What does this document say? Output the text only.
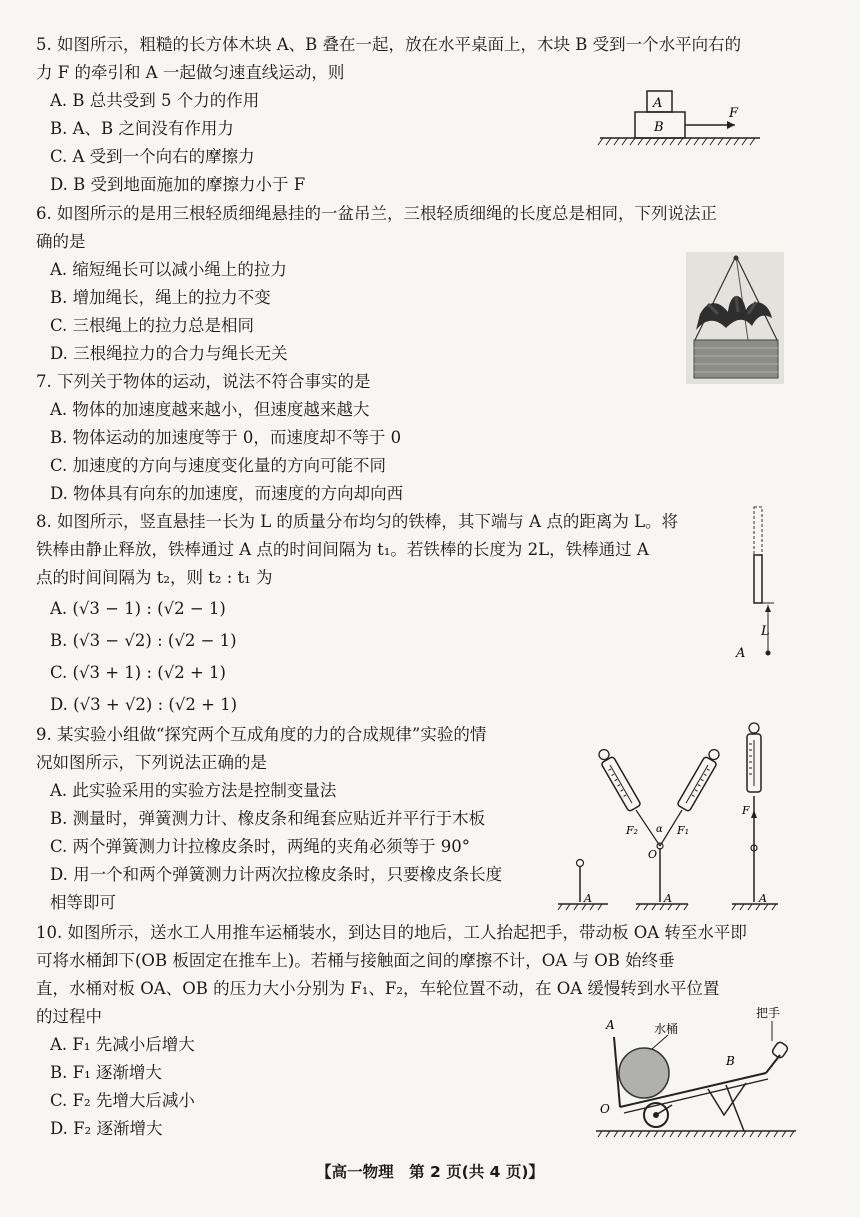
5. 如图所示，粗糙的长方体木块 A、B 叠在一起，放在水平桌面上，木块 B 受到一个水平向右的
力 F 的牵引和 A 一起做匀速直线运动，则
A. B 总共受到 5 个力的作用
B. A、B 之间没有作用力
C. A 受到一个向右的摩擦力
D. B 受到地面施加的摩擦力小于 F
A
B
F
6. 如图所示的是用三根轻质细绳悬挂的一盆吊兰，三根轻质细绳的长度总是相同，下列说法正
确的是
A. 缩短绳长可以减小绳上的拉力
B. 增加绳长，绳上的拉力不变
C. 三根绳上的拉力总是相同
D. 三根绳拉力的合力与绳长无关
7. 下列关于物体的运动，说法不符合事实的是
A. 物体的加速度越来越小，但速度越来越大
B. 物体运动的加速度等于 0，而速度却不等于 0
C. 加速度的方向与速度变化量的方向可能不同
D. 物体具有向东的加速度，而速度的方向却向西
8. 如图所示，竖直悬挂一长为 L 的质量分布均匀的铁棒，其下端与 A 点的距离为 L。将
铁棒由静止释放，铁棒通过 A 点的时间间隔为 t₁。若铁棒的长度为 2L，铁棒通过 A
点的时间间隔为 t₂，则 t₂ : t₁ 为
A. (√3 − 1) : (√2 − 1)
B. (√3 − √2) : (√2 − 1)
C. (√3 + 1) : (√2 + 1)
D. (√3 + √2) : (√2 + 1)
L
A
9. 某实验小组做“探究两个互成角度的力的合成规律”实验的情
况如图所示，下列说法正确的是
A. 此实验采用的实验方法是控制变量法
B. 测量时，弹簧测力计、橡皮条和绳套应贴近并平行于木板
C. 两个弹簧测力计拉橡皮条时，两绳的夹角必须等于 90°
D. 用一个和两个弹簧测力计两次拉橡皮条时，只要橡皮条长度
相等即可	A
O
α
F₂	F₁
A
F
A
10. 如图所示，送水工人用推车运桶装水，到达目的地后，工人抬起把手，带动板 OA 转至水平即
可将水桶卸下(OB 板固定在推车上)。若桶与接触面之间的摩擦不计，OA 与 OB 始终垂
直，水桶对板 OA、OB 的压力大小分别为 F₁、F₂，车轮位置不动，在 OA 缓慢转到水平位置
的过程中
A. F₁ 先减小后增大
B. F₁ 逐渐增大
C. F₂ 先增大后减小
D. F₂ 逐渐增大
A	水桶
把手
B
O
【高一物理　第 2 页(共 4 页)】
